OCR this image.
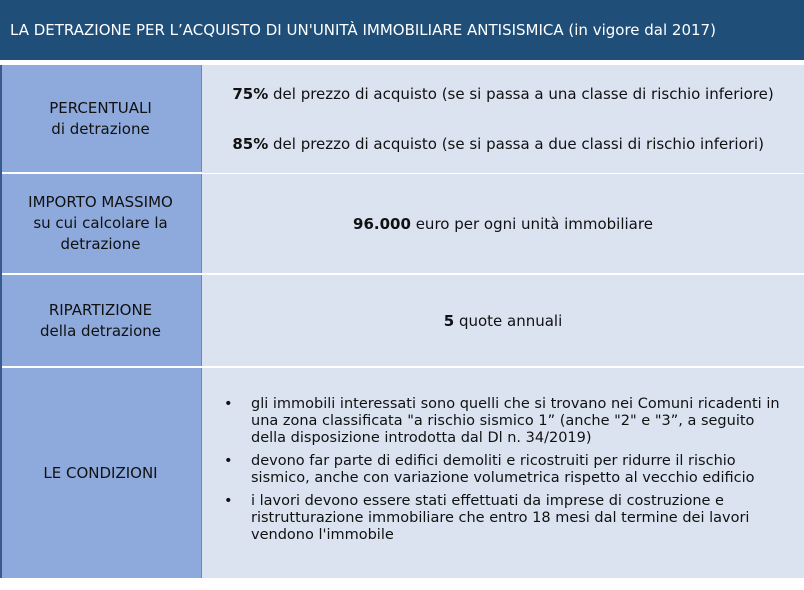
LA DETRAZIONE PER L’ACQUISTO DI UN'UNITÀ IMMOBILIARE ANTISISMICA (in vigore dal 2017)
PERCENTUALI
di detrazione

75% del prezzo di acquisto (se si passa a una classe di rischio inferiore)

85% del prezzo di acquisto (se si passa a due classi di rischio inferiori)

IMPORTO MASSIMO
su cui calcolare la
detrazione

96.000 euro per ogni unità immobiliare

RIPARTIZIONE
della detrazione

5 quote annuali

LE CONDIZIONI
• gli immobili interessati sono quelli che si trovano nei Comuni ricadenti in una zona classificata "a rischio sismico 1” (anche "2" e "3”, a seguito della disposizione introdotta dal Dl n. 34/2019)
• devono far parte di edifici demoliti e ricostruiti per ridurre il rischio sismico, anche con variazione volumetrica rispetto al vecchio edificio
• i lavori devono essere stati effettuati da imprese di costruzione e ristrutturazione immobiliare che entro 18 mesi dal termine dei lavori vendono l'immobile
